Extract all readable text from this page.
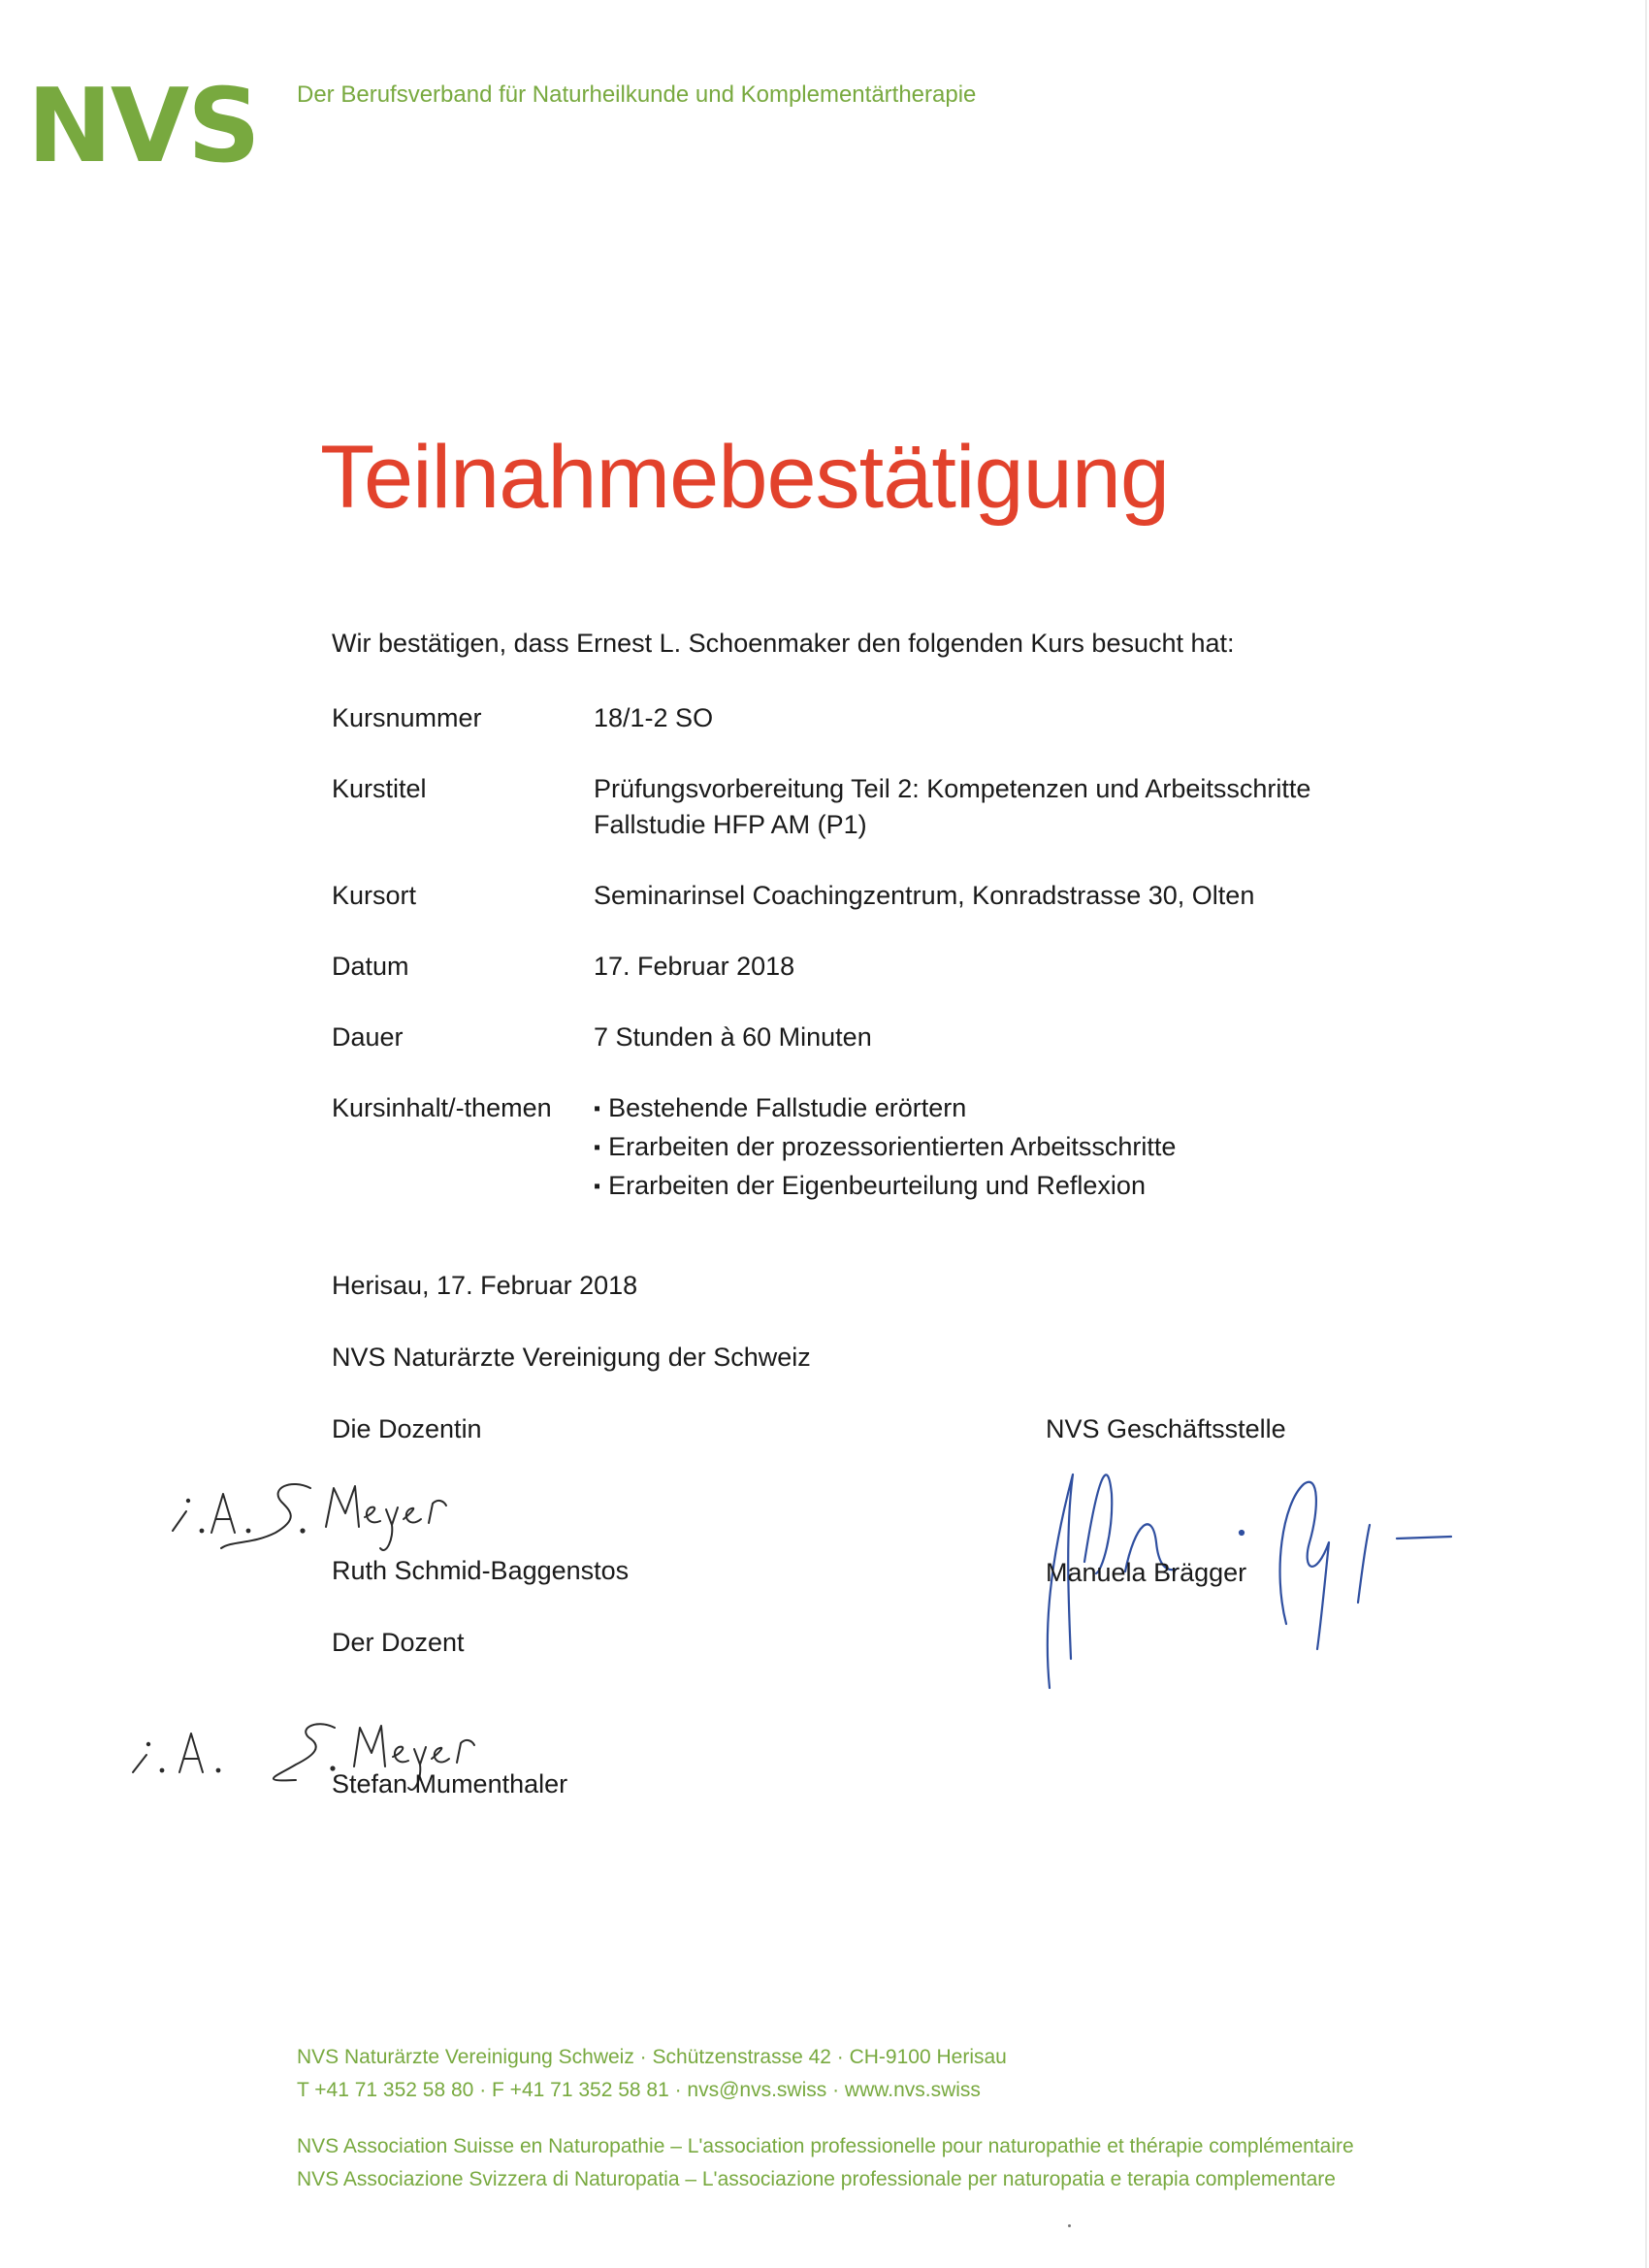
NVS Der Berufsverband für Naturheilkunde und Komplementärtherapie
Teilnahmebestätigung
Wir bestätigen, dass Ernest L. Schoenmaker den folgenden Kurs besucht hat:
Kursnummer	18/1-2 SO
Kurstitel	Prüfungsvorbereitung Teil 2: Kompetenzen und Arbeitsschritte
Fallstudie HFP AM (P1)
Kursort	Seminarinsel Coachingzentrum, Konradstrasse 30, Olten
Datum	17. Februar 2018
Dauer	7 Stunden à 60 Minuten
Kursinhalt/-themen
▪	Bestehende Fallstudie erörtern
▪ Erarbeiten der prozessorientierten Arbeitsschritte
▪ Erarbeiten der Eigenbeurteilung und Reflexion
Herisau, 17. Februar 2018
NVS Naturärzte Vereinigung der Schweiz
Die Dozentin
Ruth Schmid-Baggenstos
Der Dozent
Stefan Mumenthaler
NVS Geschäftsstelle
Manuela Brägger
NVS Naturärzte Vereinigung Schweiz · Schützenstrasse 42 · CH-9100 Herisau
T +41 71 352 58 80 · F +41 71 352 58 81 · nvs@nvs.swiss · www.nvs.swiss
NVS Association Suisse en Naturopathie – L'association professionelle pour naturopathie et thérapie complémentaire
NVS Associazione Svizzera di Naturopatia – L'associazione professionale per naturopatia e terapia complementare
